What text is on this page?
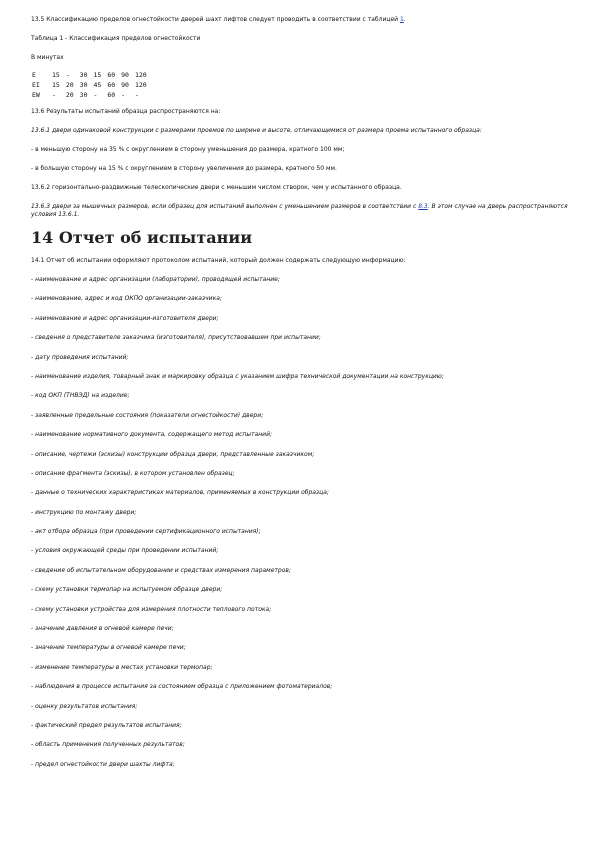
13.5 Классификацию пределов огнестойкости дверей шахт лифтов следует проводить в соответствии с таблицей 1.

Таблица 1 - Классификация пределов огнестойкости

В минутах

E	15	-	30	15	60	90	120
EI	15	20	30	45	60	90	120
EW	-	20	30	-	60	-	-

13.6 Результаты испытаний образца распространяются на:

13.6.1 двери одинаковой конструкции с размерами проемов по ширине и высоте, отличающимися от размера проема испытанного образца:

- в меньшую сторону на 35 % с округлением в сторону уменьшения до размера, кратного 100 мм;

- в большую сторону на 15 % с округлением в сторону увеличения до размера, кратного 50 мм.

13.6.2 горизонтально-раздвижные телескопические двери с меньшим числом створок, чем у испытанного образца.

13.6.3 двери за мышечных размеров, если образец для испытаний выполнен с уменьшением размеров в соответствии с 8.3. В этом случае на дверь распространяются условия 13.6.1.

14 Отчет об испытании

14.1 Отчет об испытании оформляют протоколом испытаний, который должен содержать следующую информацию:

- наименование и адрес организации (лаборатории), проводящей испытание;

- наименование, адрес и код ОКПО организации-заказчика;

- наименование и адрес организации-изготовителя двери;

- сведения о представителе заказчика (изготовителя), присутствовавшем при испытании;

- дату проведения испытаний;

- наименование изделия, товарный знак и маркировку образца с указанием шифра технической документации на конструкцию;

- код ОКП (ТНВЭД) на изделие;

- заявленные предельные состояния (показатели огнестойкости) двери;

- наименование нормативного документа, содержащего метод испытаний;

- описание, чертежи (эскизы) конструкции образца двери, представленные заказчиком;

- описание фрагмента (эскизы), в котором установлен образец;

- данные о технических характеристиках материалов, применяемых в конструкции образца;

- инструкцию по монтажу двери;

- акт отбора образца (при проведении сертификационного испытания);

- условия окружающей среды при проведении испытаний;

- сведения об испытательном оборудовании и средствах измерения параметров;

- схему установки термопар на испытуемом образце двери;

- схему установки устройства для измерения плотности теплового потока;

- значение давления в огневой камере печи;

- значение температуры в огневой камере печи;

- изменение температуры в местах установки термопар;

- наблюдения в процессе испытания за состоянием образца с приложением фотоматериалов;

- оценку результатов испытания;

- фактический предел результатов испытания;

- область применения полученных результатов;

- предел огнестойкости двери шахты лифта;
